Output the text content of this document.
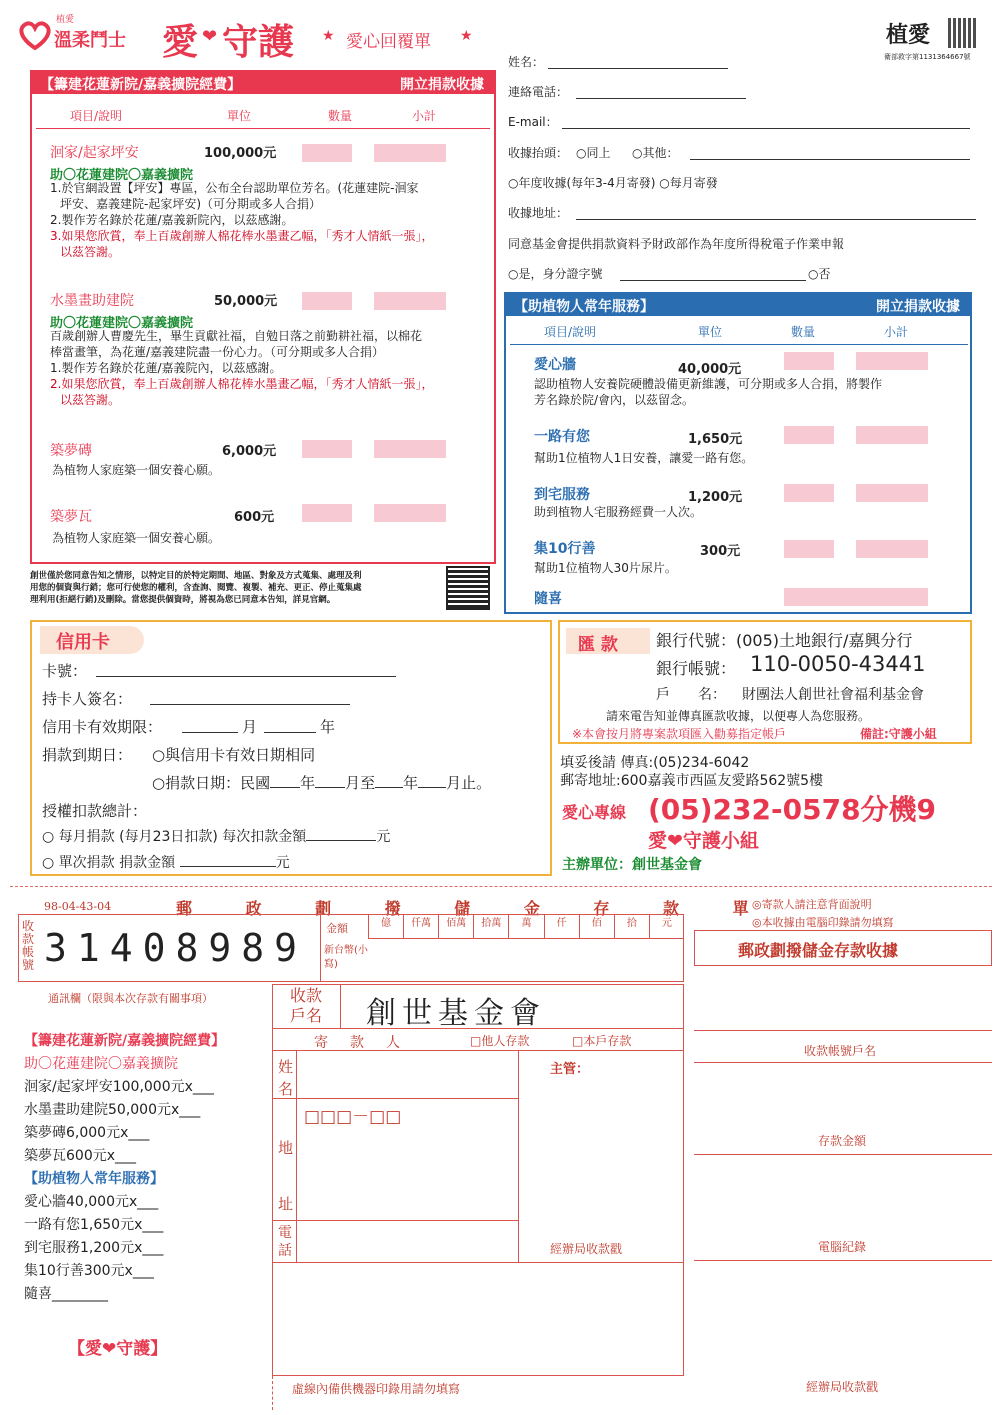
植愛
溫柔鬥士 愛 ❤ 守護 ★ 愛心回覆單 ★	植愛
衛部救字第1131364667號
姓名：
連絡電話：
E-mail：
收據抬頭： ○同上 ○其他：
○年度收據(每年3-4月寄發) ○每月寄發
收據地址：
同意基金會提供捐款資料予財政部作為年度所得稅電子作業申報
○是，身分證字號	○否
【籌建花蓮新院/嘉義擴院經費】	開立捐款收據
項目/說明	單位	數量	小計
洄家/起家坪安	100,000元
助〇花蓮建院〇嘉義擴院
1.於官網設置【坪安】專區，公布全台認助單位芳名。(花蓮建院-洄家
坪安、嘉義建院-起家坪安)（可分期或多人合捐）
2.製作芳名錄於花蓮/嘉義新院內，以茲感謝。
3.如果您欣賞，奉上百歲創辦人棉花棒水墨畫乙幅，「秀才人情紙一張」，
以茲答謝。
水墨畫助建院	50,000元
助〇花蓮建院〇嘉義擴院
百歲創辦人曹慶先生，畢生貢獻社福，自勉日落之前勤耕社福，以棉花
棒當畫筆，為花蓮/嘉義建院盡一份心力。（可分期或多人合捐）
1.製作芳名錄於花蓮/嘉義院內，以茲感謝。
2.如果您欣賞，奉上百歲創辦人棉花棒水墨畫乙幅，「秀才人情紙一張」，
以茲答謝。
築夢磚	6,000元
為植物人家庭築一個安養心願。
築夢瓦	600元
為植物人家庭築一個安養心願。
創世僅於您同意告知之情形，以特定目的於特定期間、地區、對象及方式蒐集、處理及利
用您的個資與行銷；您可行使您的權利，含查詢、閱覽、複製、補充、更正、停止蒐集處
理利用(拒絕行銷)及刪除。當您提供個資時，將視為您已同意本告知，詳見官網。
【助植物人常年服務】	開立捐款收據
項目/說明	單位	數量	小計
愛心牆	40,000元
認助植物人安養院硬體設備更新維護，可分期或多人合捐，將製作
芳名錄於院/會內，以茲留念。
一路有您	1,650元
幫助1位植物人1日安養，讓愛一路有您。
到宅服務	1,200元
助到植物人宅服務經費一人次。
集10行善	300元
幫助1位植物人30片尿片。
隨喜
信用卡
卡號：
持卡人簽名：
信用卡有效期限：	月	年
捐款到期日： ○與信用卡有效日期相同
○捐款日期：民國 年 月至 年 月止。
授權扣款總計：
○ 每月捐款 (每月23日扣款) 每次扣款金額	元
○ 單次捐款 捐款金額	元
匯 款	銀行代號：(005)土地銀行/嘉興分行
銀行帳號： 110-0050-43441
戶　　名： 財團法人創世社會福利基金會
請來電告知並傳真匯款收據，以便專人為您服務。
※本會按月將專案款項匯入勸募指定帳戶	備註:守護小組
填妥後請 傳真:(05)234-6042
郵寄地址:600嘉義市西區友愛路562號5樓
愛心專線 (05)232-0578分機9
愛❤守護小組
主辦單位：創世基金會
98-04-43-04	郵 政 劃 撥 儲 金 存 款 單
收款帳號 31408989 金額
新台幣(小寫)
億	仟萬	佰萬	拾萬	萬	仟	佰	拾	元
◎寄款人請注意背面說明
◎本收據由電腦印錄請勿填寫
郵政劃撥儲金存款收據
通訊欄（限與本次存款有關事項）	收款戶名	創世基金會
寄　款　人	□他人存款	□本戶存款
姓名
地址
□□□－□□
電話
主管：
經辦局收款戳
收款帳號戶名
存款金額
電腦紀錄
經辦局收款戳
虛線內備供機器印錄用請勿填寫
【籌建花蓮新院/嘉義擴院經費】
助〇花蓮建院〇嘉義擴院
洄家/起家坪安100,000元x___
水墨畫助建院50,000元x___
築夢磚6,000元x___
築夢瓦600元x___
【助植物人常年服務】
愛心牆40,000元x___
一路有您1,650元x___
到宅服務1,200元x___
集10行善300元x___
隨喜________
【愛❤守護】
